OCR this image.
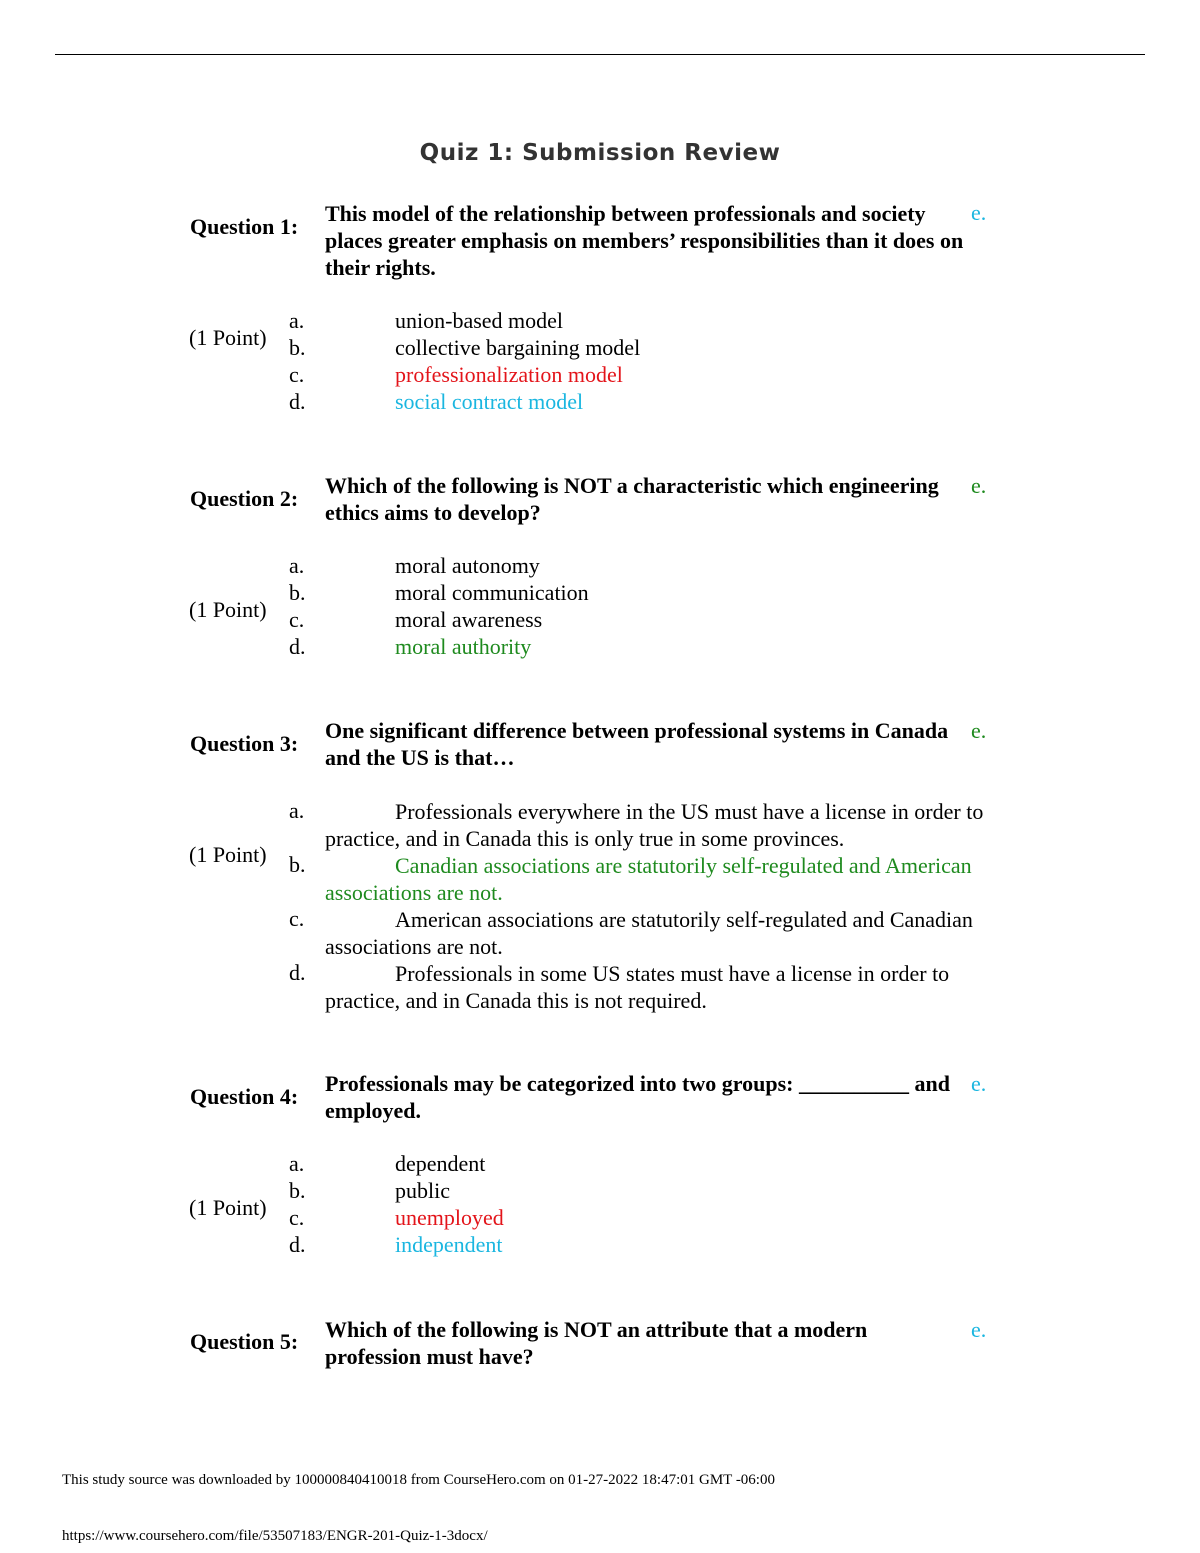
Quiz 1: Submission Review
Question 1:
This model of the relationship between professionals and society places greater emphasis on members’ responsibilities than it does on their rights.
e.
(1 Point)
a.	union-based model
b.	collective bargaining model
c.	professionalization model
d.	social contract model
Question 2:
Which of the following is NOT a characteristic which engineering ethics aims to develop?
e.
(1 Point)
a.	moral autonomy
b.	moral communication
c.	moral awareness
d.	moral authority
Question 3:
One significant difference between professional systems in Canada and the US is that…
e.
(1 Point)
a.	Professionals everywhere in the US must have a license in order to practice, and in Canada this is only true in some provinces.
b.	Canadian associations are statutorily self-regulated and American associations are not.
c.	American associations are statutorily self-regulated and Canadian associations are not.
d.	Professionals in some US states must have a license in order to practice, and in Canada this is not required.
Question 4:
Professionals may be categorized into two groups: __________ and employed.
e.
(1 Point)
a.	dependent
b.	public
c.	unemployed
d.	independent
Question 5: Which of the following is NOT an attribute that a modern profession must have?
e.
This study source was downloaded by 100000840410018 from CourseHero.com on 01-27-2022 18:47:01 GMT -06:00
https://www.coursehero.com/file/53507183/ENGR-201-Quiz-1-3docx/
